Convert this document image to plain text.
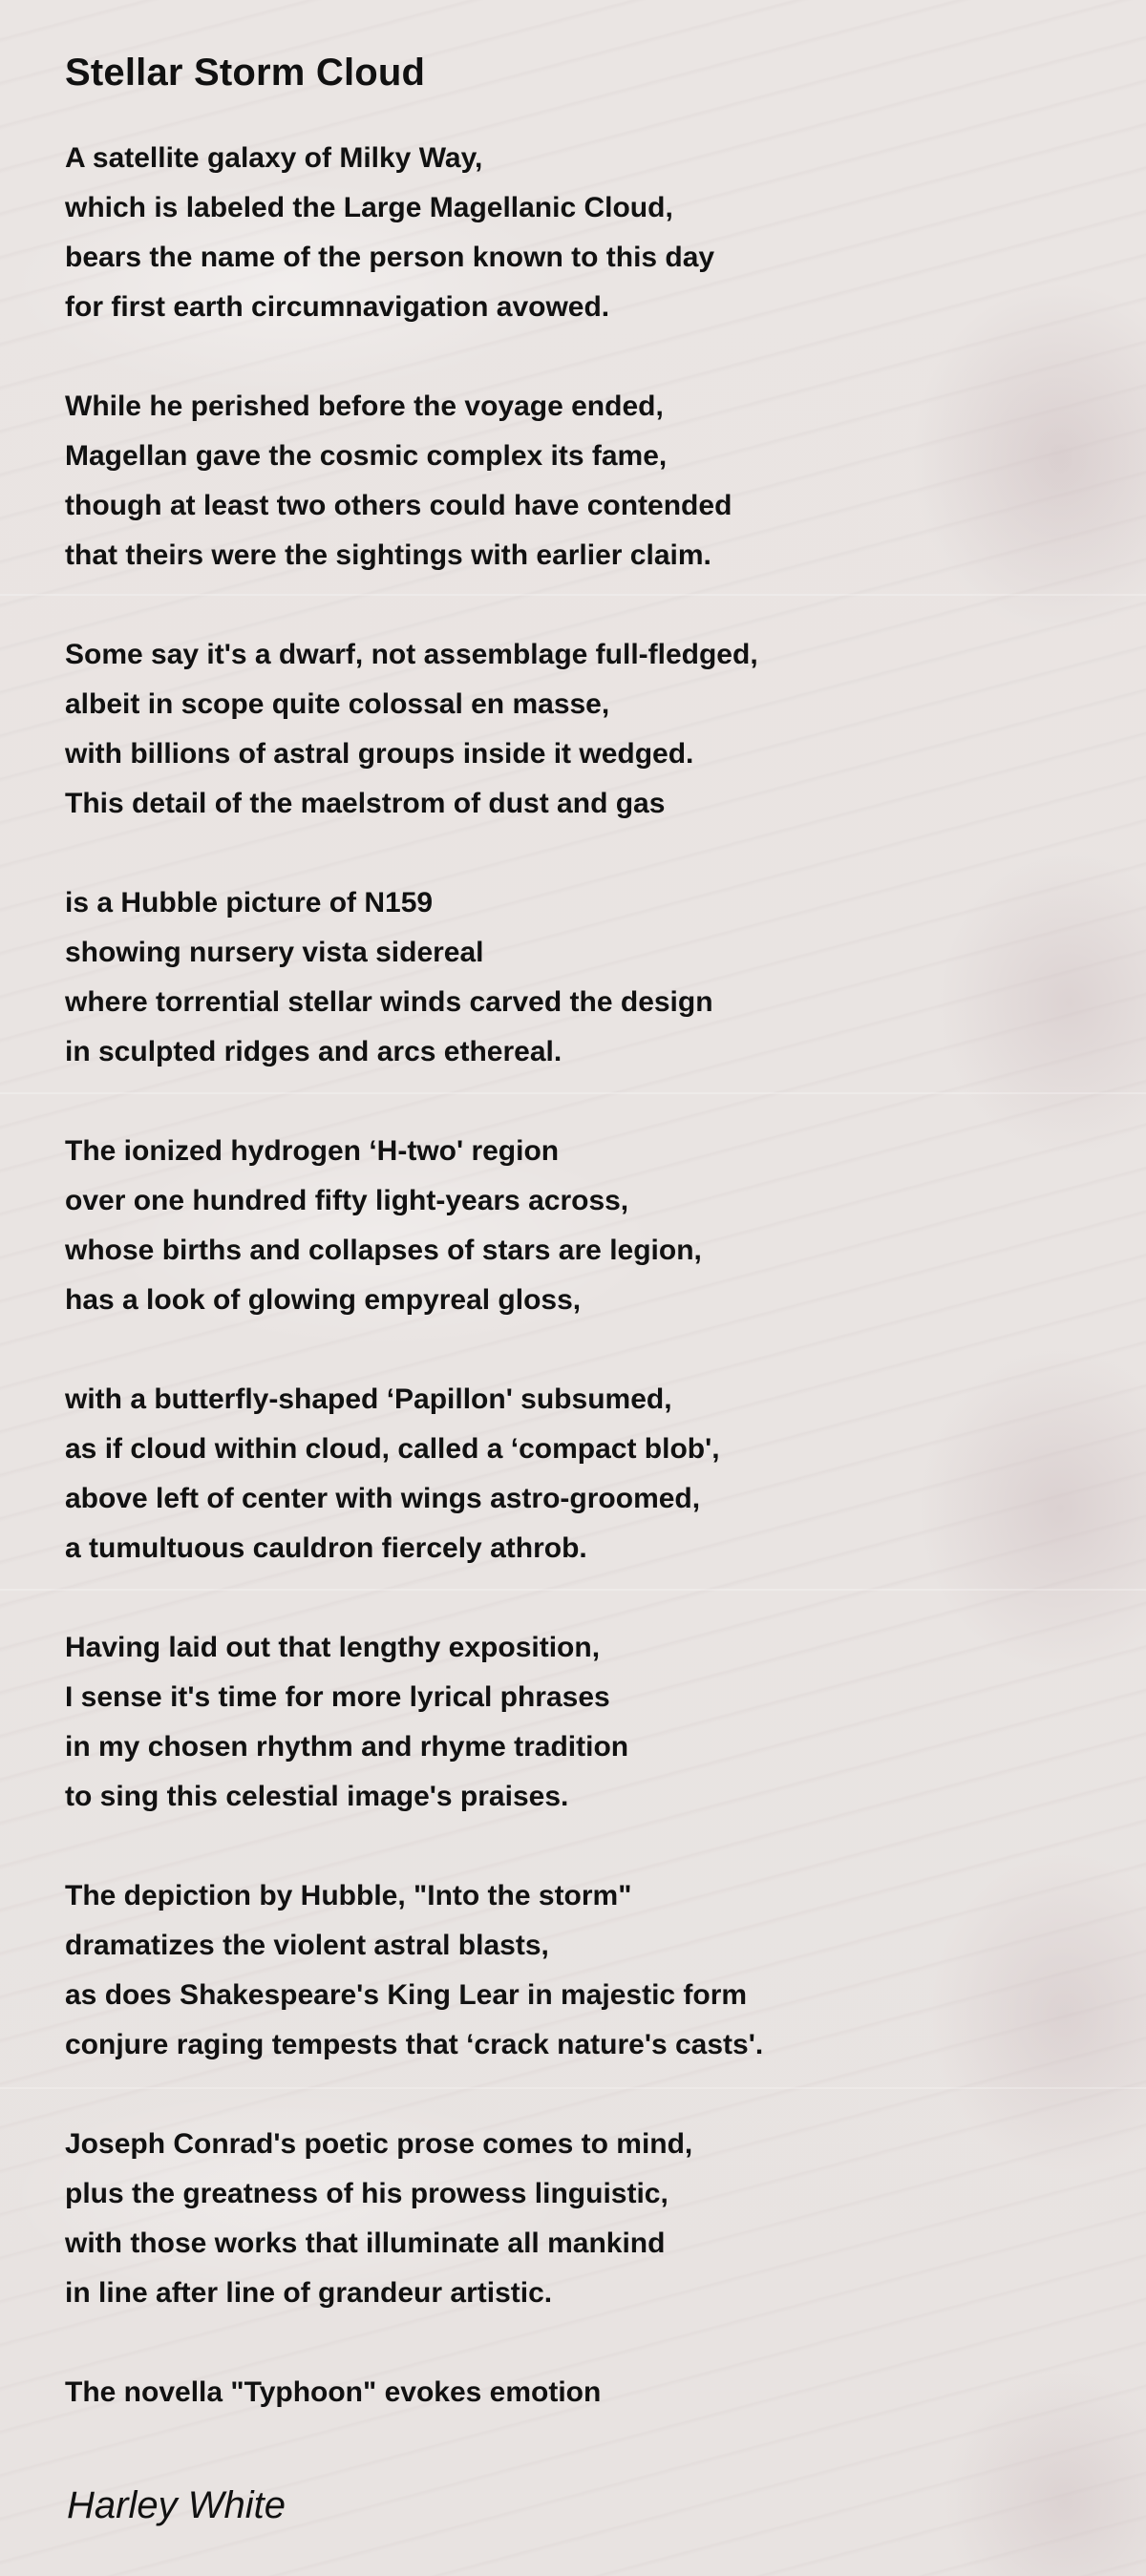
Stellar Storm Cloud
A satellite galaxy of Milky Way,
which is labeled the Large Magellanic Cloud,
bears the name of the person known to this day
for first earth circumnavigation avowed.
While he perished before the voyage ended,
Magellan gave the cosmic complex its fame,
though at least two others could have contended
that theirs were the sightings with earlier claim.
Some say it's a dwarf, not assemblage full-fledged,
albeit in scope quite colossal en masse,
with billions of astral groups inside it wedged.
This detail of the maelstrom of dust and gas
is a Hubble picture of N159
showing nursery vista sidereal
where torrential stellar winds carved the design
in sculpted ridges and arcs ethereal.
The ionized hydrogen ‘H-two' region
over one hundred fifty light-years across,
whose births and collapses of stars are legion,
has a look of glowing empyreal gloss,
with a butterfly-shaped ‘Papillon' subsumed,
as if cloud within cloud, called a ‘compact blob',
above left of center with wings astro-groomed,
a tumultuous cauldron fiercely athrob.
Having laid out that lengthy exposition,
I sense it's time for more lyrical phrases
in my chosen rhythm and rhyme tradition
to sing this celestial image's praises.
The depiction by Hubble, "Into the storm"
dramatizes the violent astral blasts,
as does Shakespeare's King Lear in majestic form
conjure raging tempests that ‘crack nature's casts'.
Joseph Conrad's poetic prose comes to mind,
plus the greatness of his prowess linguistic,
with those works that illuminate all mankind
in line after line of grandeur artistic.
The novella "Typhoon" evokes emotion
Harley White
